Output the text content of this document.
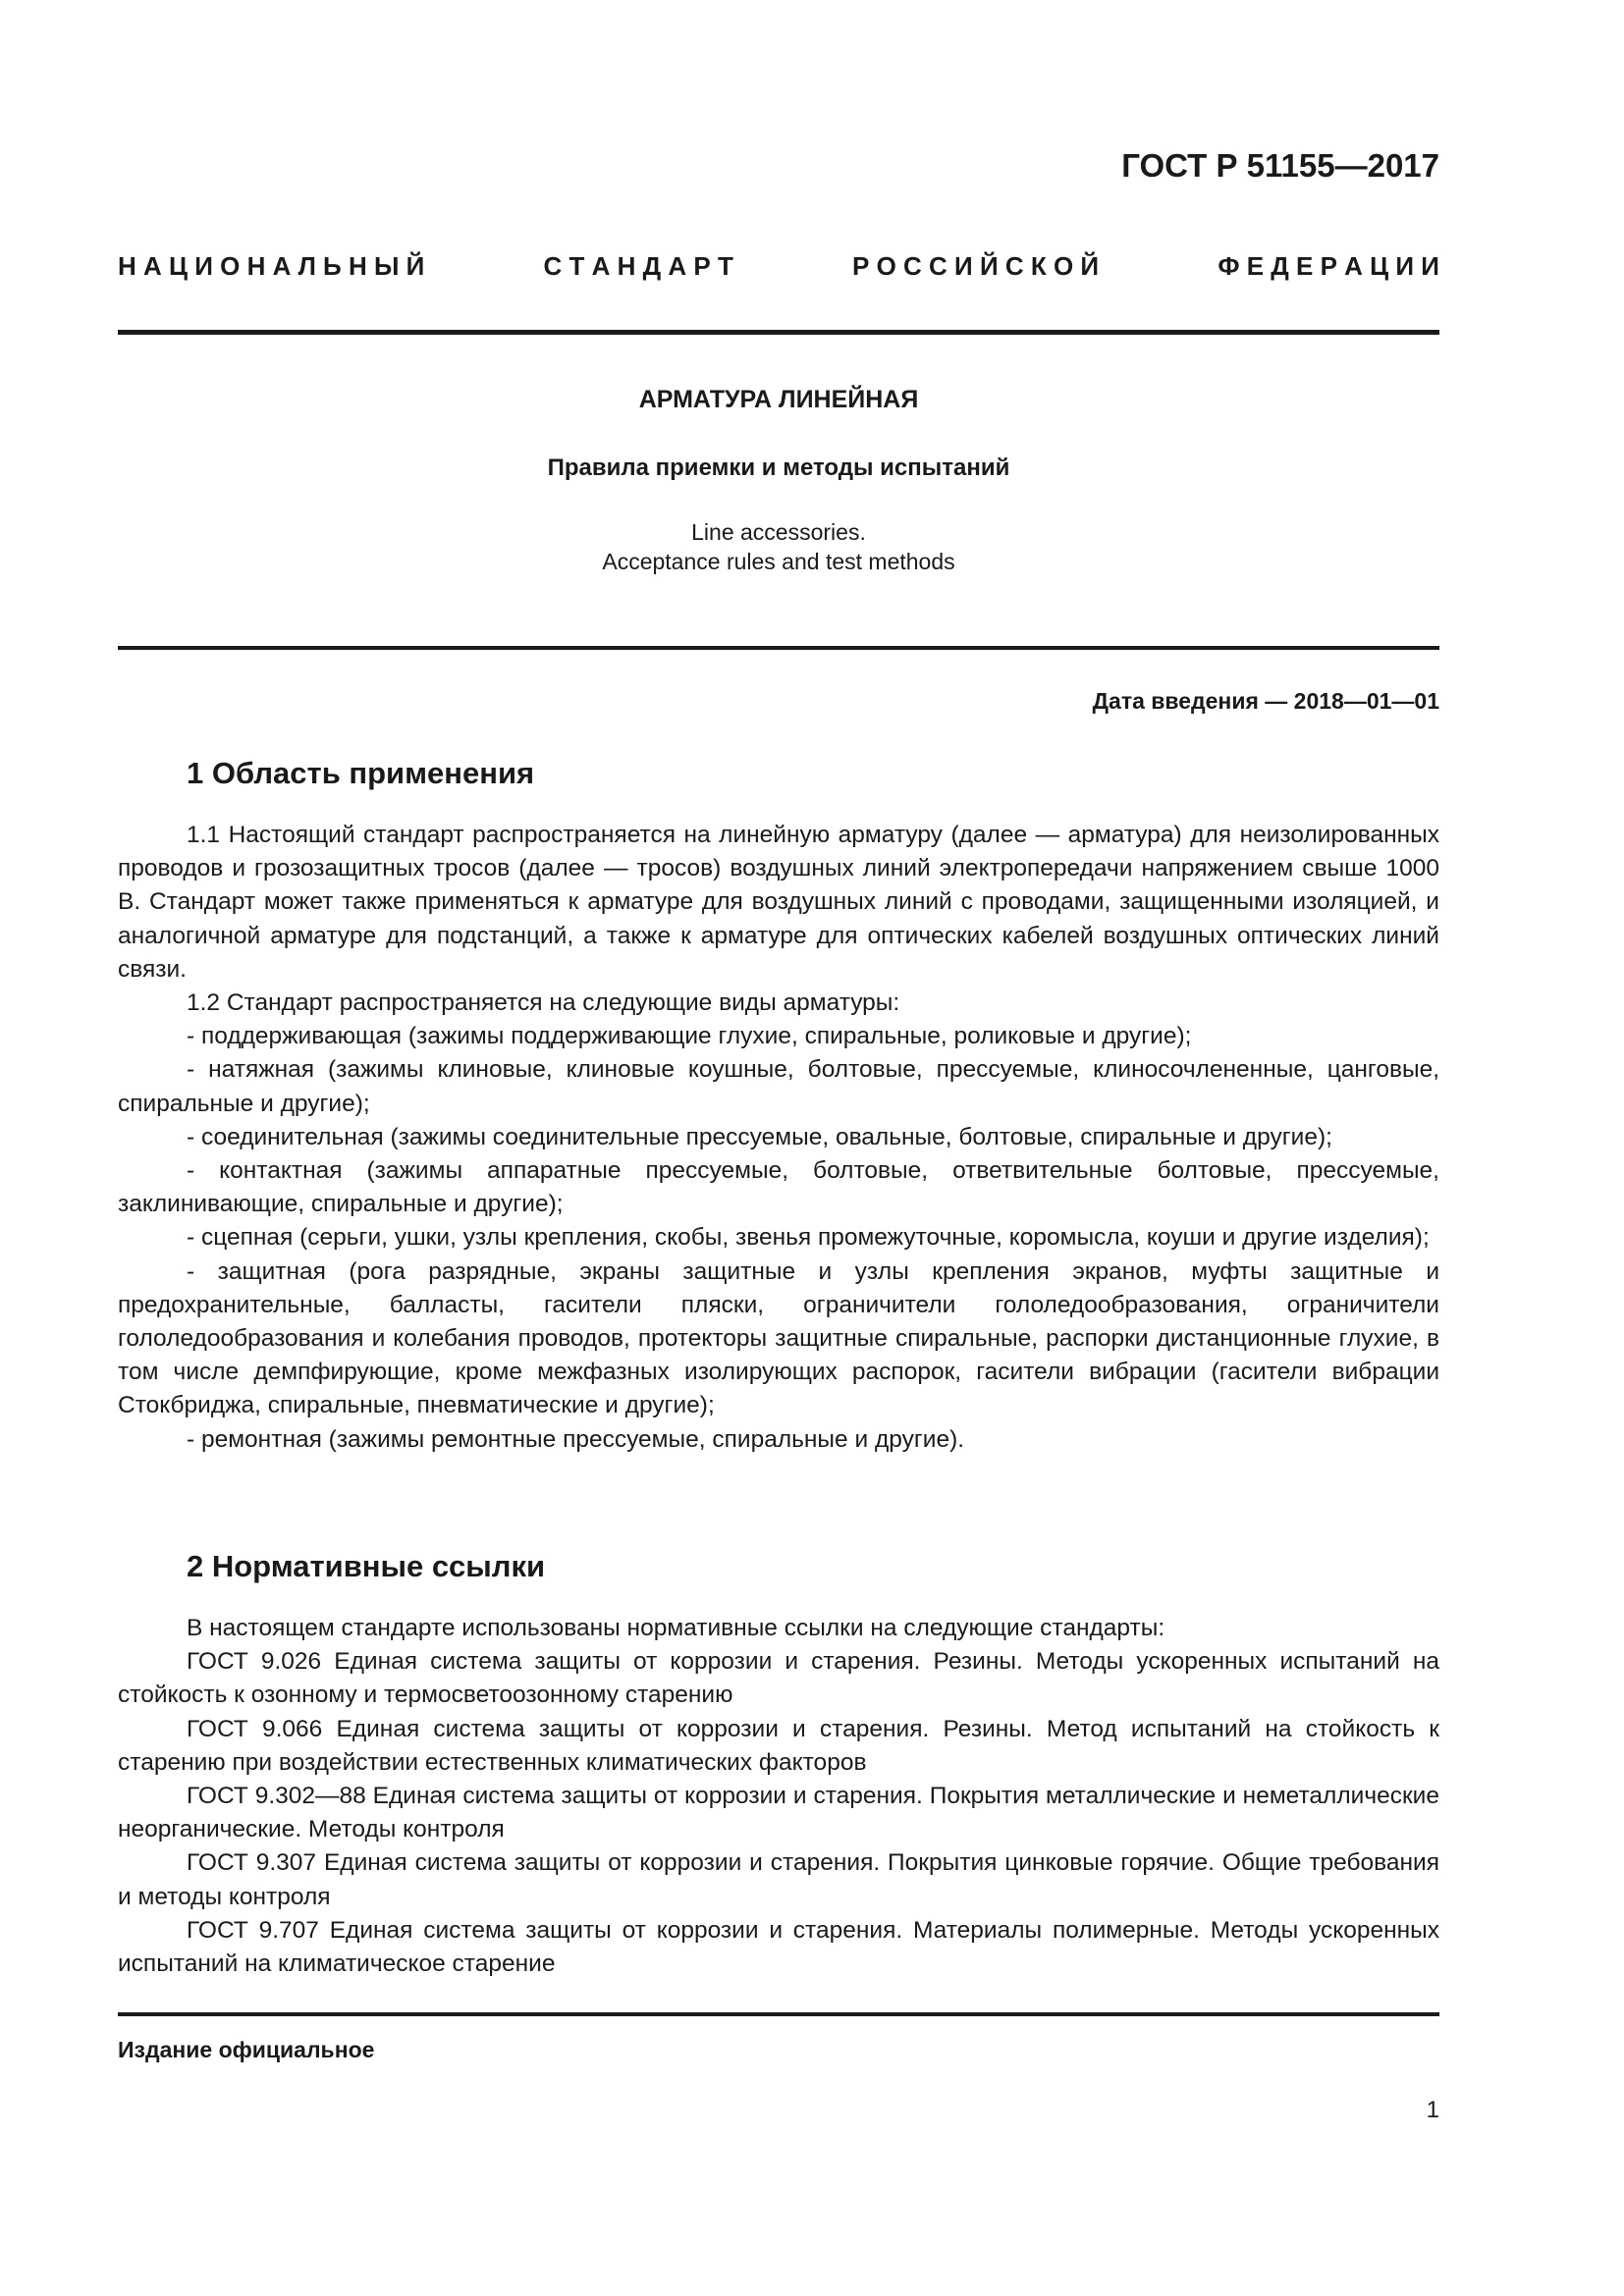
ГОСТ Р 51155—2017
Н А Ц И О Н А Л Ь Н Ы Й	С Т А Н Д А Р Т	Р О С С И Й С К О Й	Ф Е Д Е Р А Ц И И
АРМАТУРА ЛИНЕЙНАЯ
Правила приемки и методы испытаний
Line accessories.
Acceptance rules and test methods
Дата введения — 2018—01—01
1 Область применения

1.1 Настоящий стандарт распространяется на линейную арматуру (далее — арматура) для неизолированных проводов и грозозащитных тросов (далее — тросов) воздушных линий электропередачи напряжением свыше 1000 В. Стандарт может также применяться к арматуре для воздушных линий с проводами, защищенными изоляцией, и аналогичной арматуре для подстанций, а также к арматуре для оптических кабелей воздушных оптических линий связи.

1.2 Стандарт распространяется на следующие виды арматуры:

- поддерживающая (зажимы поддерживающие глухие, спиральные, роликовые и другие);

- натяжная (зажимы клиновые, клиновые коушные, болтовые, прессуемые, клиносочлененные, цанговые, спиральные и другие);

- соединительная (зажимы соединительные прессуемые, овальные, болтовые, спиральные и другие);

- контактная (зажимы аппаратные прессуемые, болтовые, ответвительные болтовые, прессуемые, заклинивающие, спиральные и другие);

- сцепная (серьги, ушки, узлы крепления, скобы, звенья промежуточные, коромысла, коуши и другие изделия);

- защитная (рога разрядные, экраны защитные и узлы крепления экранов, муфты защитные и предохранительные, балласты, гасители пляски, ограничители гололедообразования, ограничители гололедообразования и колебания проводов, протекторы защитные спиральные, распорки дистанционные глухие, в том числе демпфирующие, кроме межфазных изолирующих распорок, гасители вибрации (гасители вибрации Стокбриджа, спиральные, пневматические и другие);

- ремонтная (зажимы ремонтные прессуемые, спиральные и другие).

2 Нормативные ссылки

В настоящем стандарте использованы нормативные ссылки на следующие стандарты:

ГОСТ 9.026 Единая система защиты от коррозии и старения. Резины. Методы ускоренных испытаний на стойкость к озонному и термосветоозонному старению

ГОСТ 9.066 Единая система защиты от коррозии и старения. Резины. Метод испытаний на стойкость к старению при воздействии естественных климатических факторов

ГОСТ 9.302—88 Единая система защиты от коррозии и старения. Покрытия металлические и неметаллические неорганические. Методы контроля

ГОСТ 9.307 Единая система защиты от коррозии и старения. Покрытия цинковые горячие. Общие требования и методы контроля

ГОСТ 9.707 Единая система защиты от коррозии и старения. Материалы полимерные. Методы ускоренных испытаний на климатическое старение

Издание официальное
1
